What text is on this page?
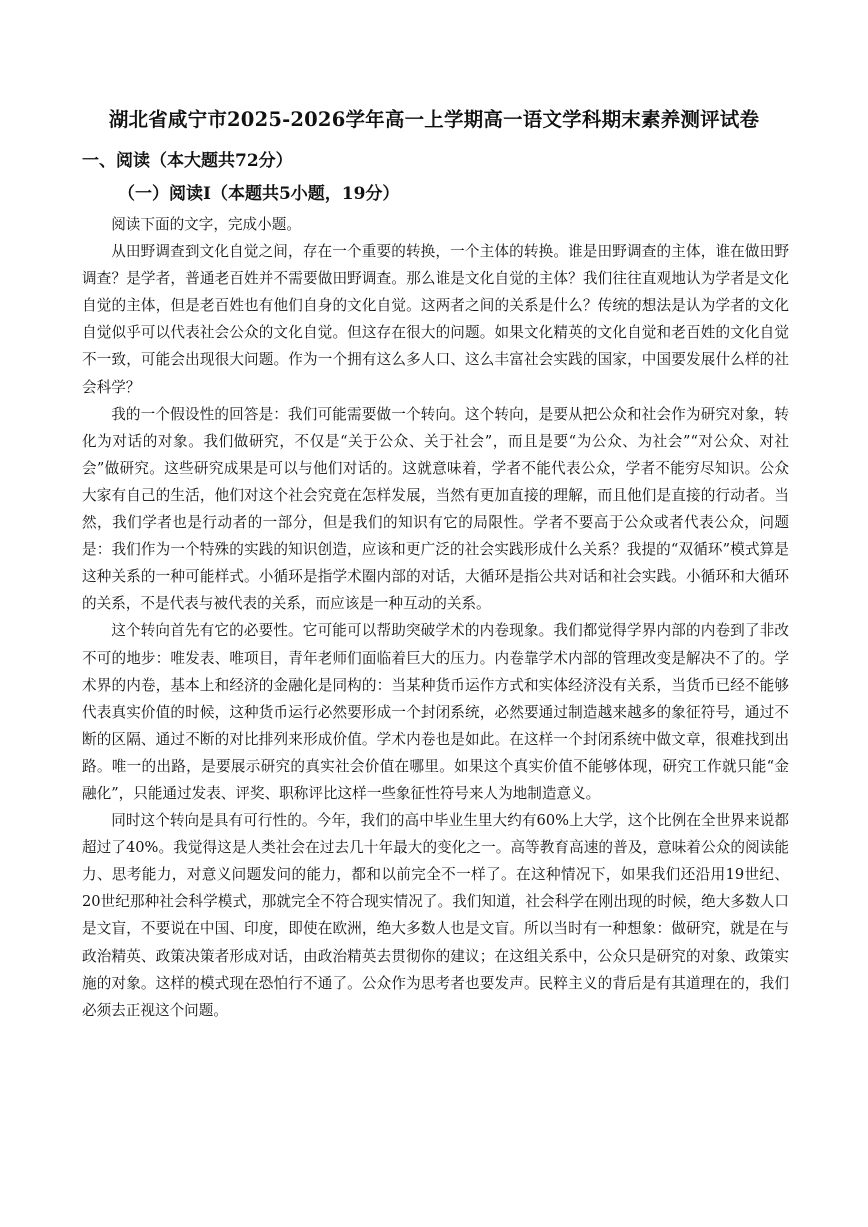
湖北省咸宁市2025-2026学年高一上学期高一语文学科期末素养测评试卷
一、阅读（本大题共72分）
（一）阅读Ⅰ（本题共5小题，19分）

阅读下面的文字，完成小题。

从田野调查到文化自觉之间，存在一个重要的转换，一个主体的转换。谁是田野调查的主体，谁在做田野调查？是学者，普通老百姓并不需要做田野调查。那么谁是文化自觉的主体？我们往往直观地认为学者是文化自觉的主体，但是老百姓也有他们自身的文化自觉。这两者之间的关系是什么？传统的想法是认为学者的文化自觉似乎可以代表社会公众的文化自觉。但这存在很大的问题。如果文化精英的文化自觉和老百姓的文化自觉不一致，可能会出现很大问题。作为一个拥有这么多人口、这么丰富社会实践的国家，中国要发展什么样的社会科学？

我的一个假设性的回答是：我们可能需要做一个转向。这个转向，是要从把公众和社会作为研究对象，转化为对话的对象。我们做研究，不仅是“关于公众、关于社会”，而且是要“为公众、为社会”“对公众、对社会”做研究。这些研究成果是可以与他们对话的。这就意味着，学者不能代表公众，学者不能穷尽知识。公众大家有自己的生活，他们对这个社会究竟在怎样发展，当然有更加直接的理解，而且他们是直接的行动者。当然，我们学者也是行动者的一部分，但是我们的知识有它的局限性。学者不要高于公众或者代表公众，问题是：我们作为一个特殊的实践的知识创造，应该和更广泛的社会实践形成什么关系？我提的“双循环”模式算是这种关系的一种可能样式。小循环是指学术圈内部的对话，大循环是指公共对话和社会实践。小循环和大循环的关系，不是代表与被代表的关系，而应该是一种互动的关系。

这个转向首先有它的必要性。它可能可以帮助突破学术的内卷现象。我们都觉得学界内部的内卷到了非改不可的地步：唯发表、唯项目，青年老师们面临着巨大的压力。内卷靠学术内部的管理改变是解决不了的。学术界的内卷，基本上和经济的金融化是同构的：当某种货币运作方式和实体经济没有关系，当货币已经不能够代表真实价值的时候，这种货币运行必然要形成一个封闭系统，必然要通过制造越来越多的象征符号，通过不断的区隔、通过不断的对比排列来形成价值。学术内卷也是如此。在这样一个封闭系统中做文章，很难找到出路。唯一的出路，是要展示研究的真实社会价值在哪里。如果这个真实价值不能够体现，研究工作就只能“金融化”，只能通过发表、评奖、职称评比这样一些象征性符号来人为地制造意义。

同时这个转向是具有可行性的。今年，我们的高中毕业生里大约有60%上大学，这个比例在全世界来说都超过了40%。我觉得这是人类社会在过去几十年最大的变化之一。高等教育高速的普及，意味着公众的阅读能力、思考能力，对意义问题发问的能力，都和以前完全不一样了。在这种情况下，如果我们还沿用19世纪、20世纪那种社会科学模式，那就完全不符合现实情况了。我们知道，社会科学在刚出现的时候，绝大多数人口是文盲，不要说在中国、印度，即使在欧洲，绝大多数人也是文盲。所以当时有一种想象：做研究，就是在与政治精英、政策决策者形成对话，由政治精英去贯彻你的建议；在这组关系中，公众只是研究的对象、政策实施的对象。这样的模式现在恐怕行不通了。公众作为思考者也要发声。民粹主义的背后是有其道理在的，我们必须去正视这个问题。
